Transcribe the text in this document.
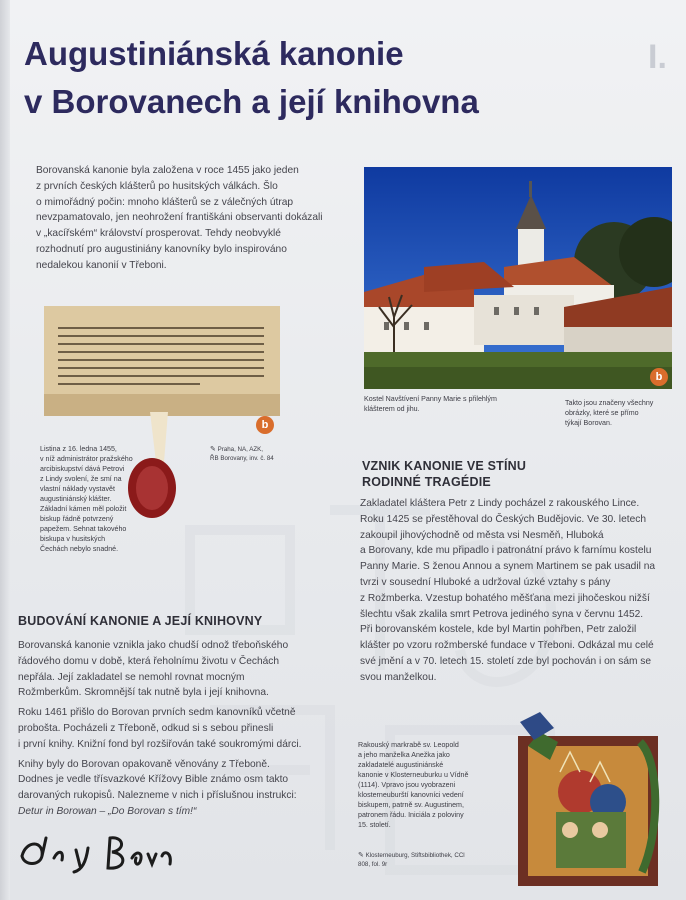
Augustiniánská kanonie
v Borovanech a její knihovna
I.

Borovanská kanonie byla založena v roce 1455 jako jeden

z prvních českých klášterů po husitských válkách. Šlo

o mimořádný počin: mnoho klášterů se z válečných útrap

nevzpamatovalo, jen neohrožení františkáni observanti dokázali

v „kacířském“ království prosperovat. Tehdy neobvyklé

rozhodnutí pro augustiniány kanovníky bylo inspirováno

nedalekou kanonií v Třeboni.

b

Kostel Navštívení Panny Marie s přilehlým

klášterem od jihu.

Takto jsou značeny všechny

obrázky, které se přímo

týkají Borovan.

b

Listina z 16. ledna 1455,

v níž administrátor pražského

arcibiskupství dává Petrovi

z Lindy svolení, že smí na

vlastní náklady vystavět

augustiniánský klášter.

Základní kámen měl položit

biskup řádně potvrzený

papežem. Sehnat takového

biskupa v husitských

Čechách nebylo snadné.

✎ Praha, NA, AZK,

ŘB Borovany, inv. č. 84

VZNIK KANONIE VE STÍNU

RODINNÉ TRAGÉDIE

Zakladatel kláštera Petr z Lindy pocházel z rakouského Lince.

Roku 1425 se přestěhoval do Českých Budějovic. Ve 30. letech

zakoupil jihovýchodně od města vsi Nesměň, Hluboká

a Borovany, kde mu připadlo i patronátní právo k farnímu kostelu

Panny Marie. S ženou Annou a synem Martinem se pak usadil na

tvrzi v sousední Hluboké a udržoval úzké vztahy s pány

z Rožmberka. Vzestup bohatého měšťana mezi jihočeskou nižší

šlechtu však zkalila smrt Petrova jediného syna v červnu 1452.

Při borovanském kostele, kde byl Martin pohřben, Petr založil

klášter po vzoru rožmberské fundace v Třeboni. Odkázal mu celé

své jmění a v 70. letech 15. století zde byl pochován i on sám se

svou manželkou.

BUDOVÁNÍ KANONIE A JEJÍ KNIHOVNY

Borovanská kanonie vznikla jako chudší odnož třeboňského

řádového domu v době, která řeholnímu životu v Čechách

nepřála. Její zakladatel se nemohl rovnat mocným

Rožmberkům. Skromnější tak nutně byla i její knihovna.

Roku 1461 přišlo do Borovan prvních sedm kanovníků včetně

probošta. Pocházeli z Třeboně, odkud si s sebou přinesli

i první knihy. Knižní fond byl rozšiřován také soukromými dárci.

Knihy byly do Borovan opakovaně věnovány z Třeboně.

Dodnes je vedle třísvazkové Křížovy Bible známo osm takto

darovaných rukopisů. Nalezneme v nich i příslušnou instrukci:

Detur in Borowan – „Do Borovan s tím!“

Rakouský markrabě sv. Leopold

a jeho manželka Anežka jako

zakladatelé augustiniánské

kanonie v Klosterneuburku u Vídně

(1114). Vpravo jsou vyobrazeni

klosterneuburští kanovníci vedení

biskupem, patrně sv. Augustinem,

patronem řádu. Iniciála z poloviny

15. století.

✎ Klosterneuburg, Stiftsbibliothek, CCl

808, fol. 9r
